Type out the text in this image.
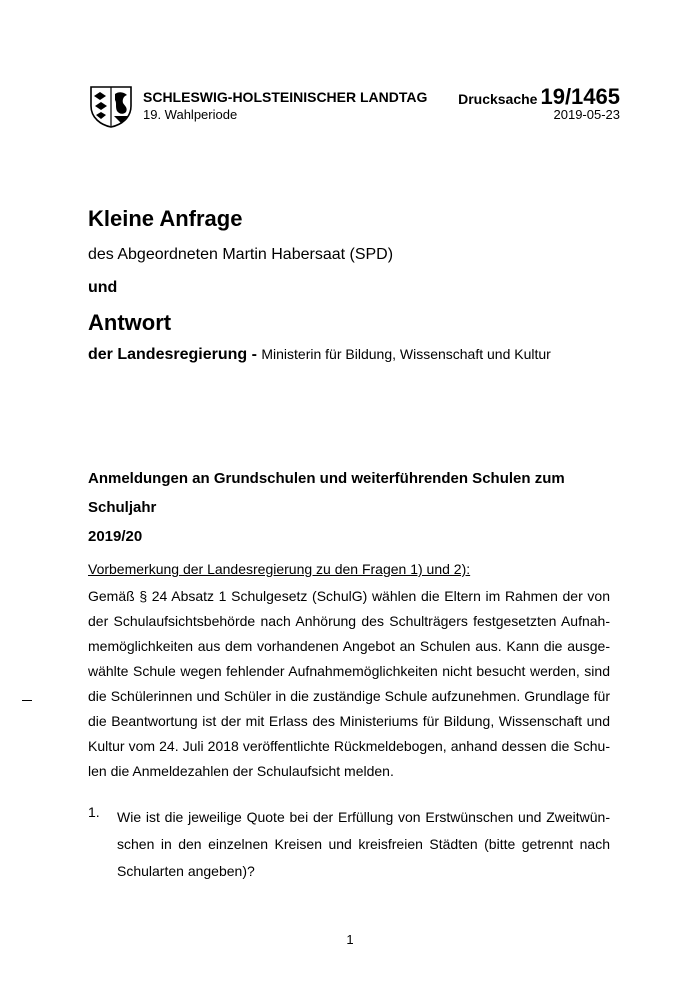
SCHLESWIG-HOLSTEINISCHER LANDTAG
19. Wahlperiode
Drucksache 19/1465
2019-05-23
Kleine Anfrage
des Abgeordneten Martin Habersaat (SPD)
und
Antwort
der Landesregierung - Ministerin für Bildung, Wissenschaft und Kultur
Anmeldungen an Grundschulen und weiterführenden Schulen zum Schuljahr
2019/20
Vorbemerkung der Landesregierung zu den Fragen 1) und 2):
Gemäß § 24 Absatz 1 Schulgesetz (SchulG) wählen die Eltern im Rahmen der von
der Schulaufsichtsbehörde nach Anhörung des Schulträgers festgesetzten Aufnah-
memöglichkeiten aus dem vorhandenen Angebot an Schulen aus. Kann die ausge-
wählte Schule wegen fehlender Aufnahmemöglichkeiten nicht besucht werden, sind
die Schülerinnen und Schüler in die zuständige Schule aufzunehmen. Grundlage für
die Beantwortung ist der mit Erlass des Ministeriums für Bildung, Wissenschaft und
Kultur vom 24. Juli 2018 veröffentlichte Rückmeldebogen, anhand dessen die Schu-
len die Anmeldezahlen der Schulaufsicht melden.
1. Wie ist die jeweilige Quote bei der Erfüllung von Erstwünschen und Zweitwün-
schen in den einzelnen Kreisen und kreisfreien Städten (bitte getrennt nach
Schularten angeben)?
1
